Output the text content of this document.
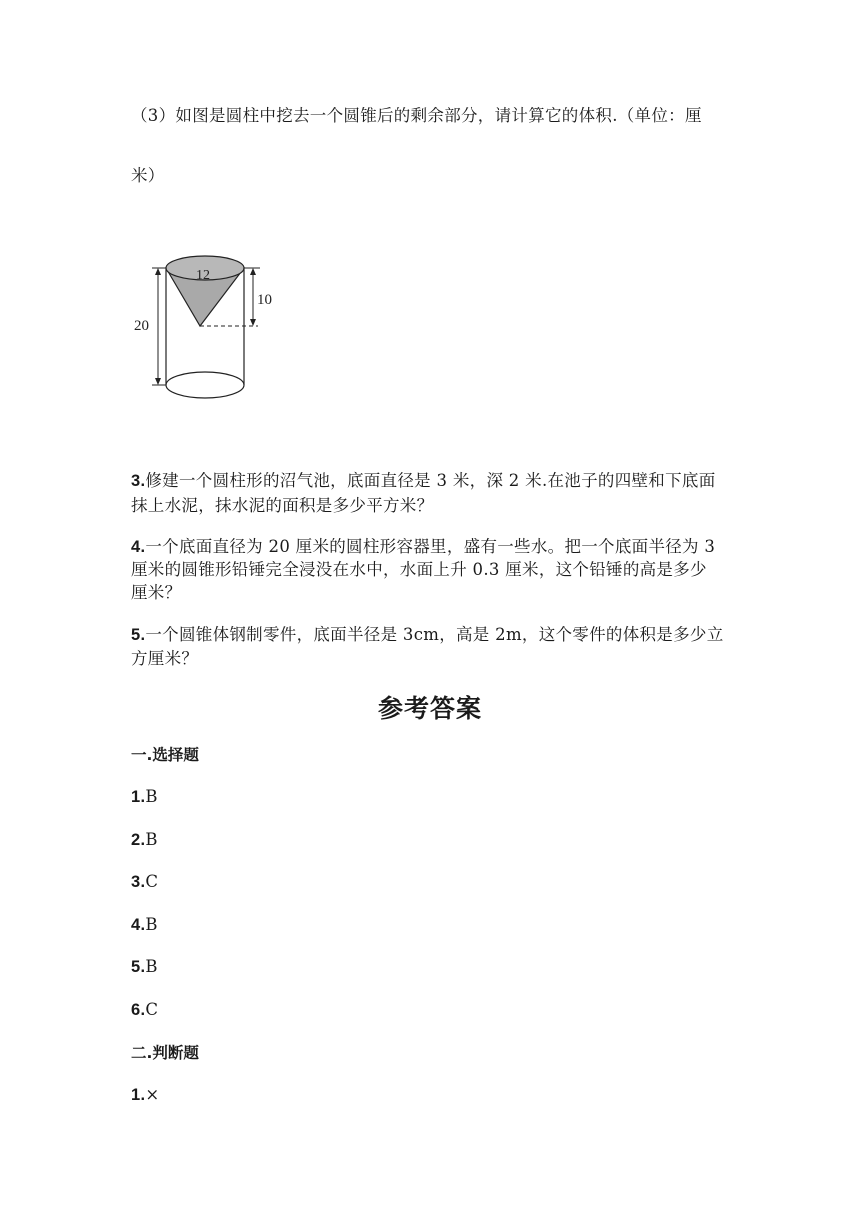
（3）如图是圆柱中挖去一个圆锥后的剩余部分，请计算它的体积.（单位：厘
米）
20
10
12
3.修建一个圆柱形的沼气池，底面直径是 3 米，深 2 米.在池子的四壁和下底面
抹上水泥，抹水泥的面积是多少平方米？
4.一个底面直径为 20 厘米的圆柱形容器里，盛有一些水。把一个底面半径为 3
厘米的圆锥形铅锤完全浸没在水中，水面上升 0.3 厘米，这个铅锤的高是多少
厘米？
5.一个圆锥体钢制零件，底面半径是 3cm，高是 2m，这个零件的体积是多少立
方厘米？
参考答案
一.选择题
1.B
2.B
3.C
4.B
5.B
6.C
二.判断题
1.×
